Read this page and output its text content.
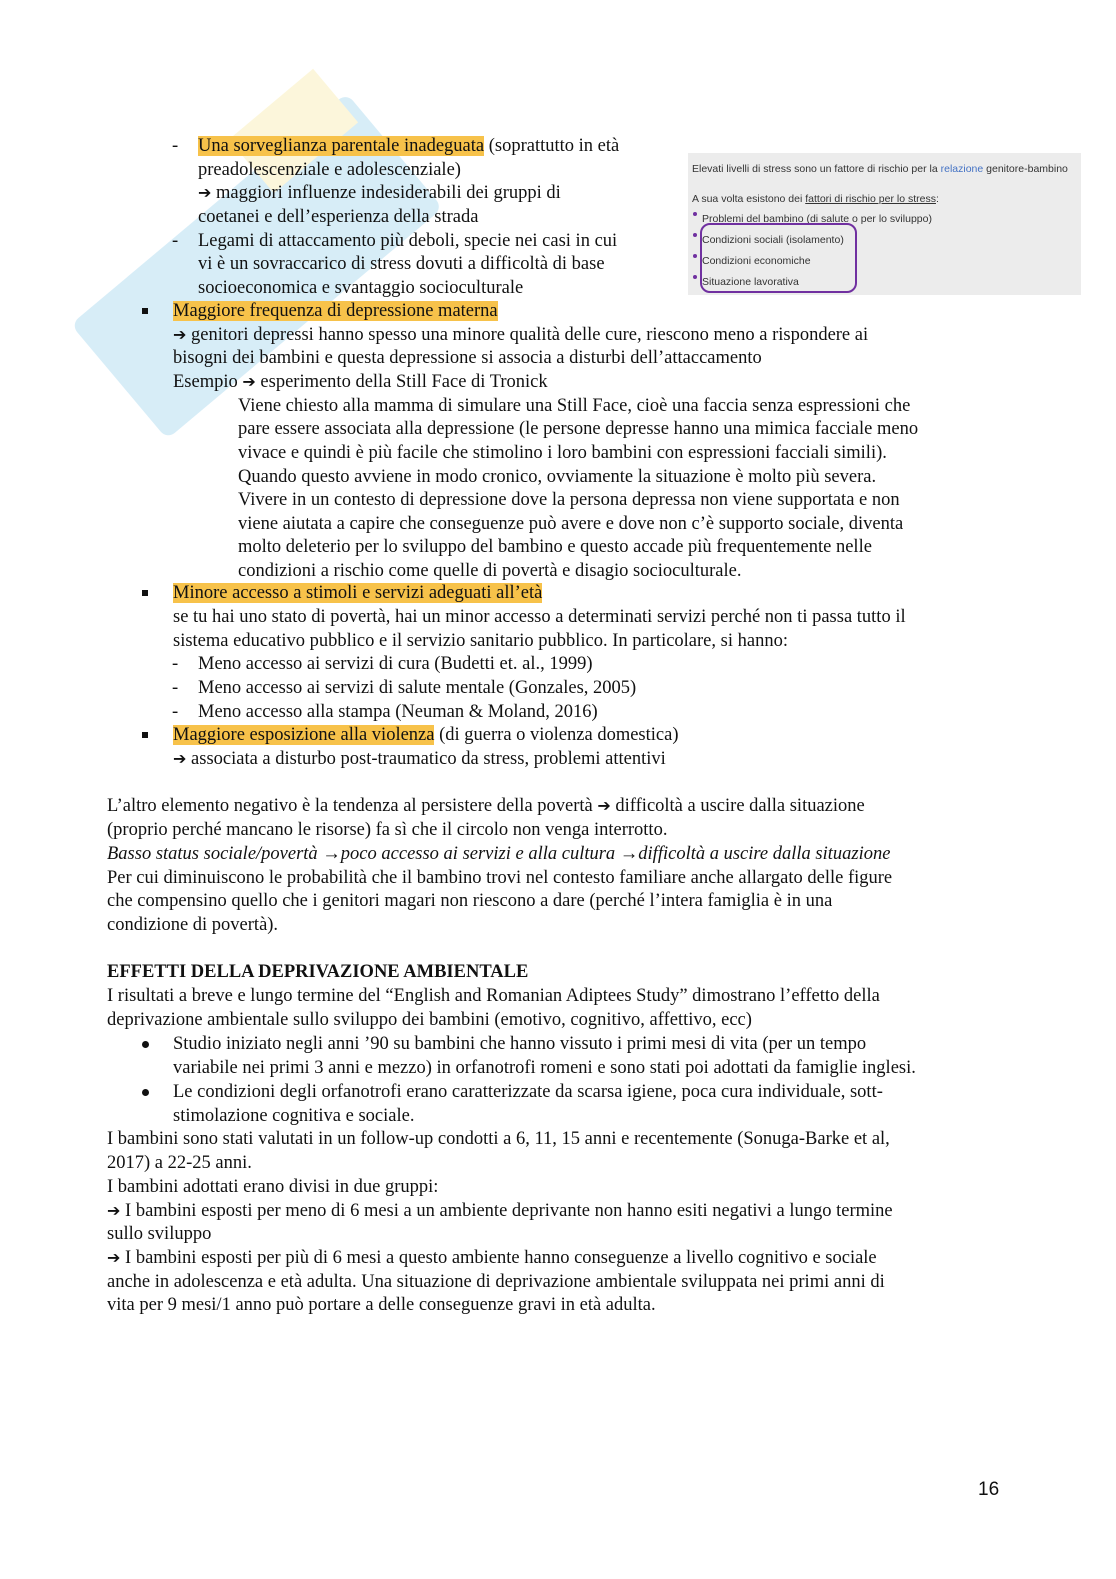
- Una sorveglianza parentale inadeguata (soprattutto in età
preadolescenziale e adolescenziale)
➔ maggiori influenze indesiderabili dei gruppi di
coetanei e dell’esperienza della strada
- Legami di attaccamento più deboli, specie nei casi in cui
vi è un sovraccarico di stress dovuti a difficoltà di base
socioeconomica e svantaggio socioculturale
Elevati livelli di stress sono un fattore di rischio per la relazione genitore-bambino
A sua volta esistono dei fattori di rischio per lo stress:
Problemi del bambino (di salute o per lo sviluppo)
Condizioni sociali (isolamento)
Condizioni economiche
Situazione lavorativa
Maggiore frequenza di depressione materna
➔ genitori depressi hanno spesso una minore qualità delle cure, riescono meno a rispondere ai
bisogni dei bambini e questa depressione si associa a disturbi dell’attaccamento
Esempio ➔ esperimento della Still Face di Tronick
Viene chiesto alla mamma di simulare una Still Face, cioè una faccia senza espressioni che
pare essere associata alla depressione (le persone depresse hanno una mimica facciale meno
vivace e quindi è più facile che stimolino i loro bambini con espressioni facciali simili).
Quando questo avviene in modo cronico, ovviamente la situazione è molto più severa.
Vivere in un contesto di depressione dove la persona depressa non viene supportata e non
viene aiutata a capire che conseguenze può avere e dove non c’è supporto sociale, diventa
molto deleterio per lo sviluppo del bambino e questo accade più frequentemente nelle
condizioni a rischio come quelle di povertà e disagio socioculturale.
Minore accesso a stimoli e servizi adeguati all’età
se tu hai uno stato di povertà, hai un minor accesso a determinati servizi perché non ti passa tutto il
sistema educativo pubblico e il servizio sanitario pubblico. In particolare, si hanno:
- Meno accesso ai servizi di cura (Budetti et. al., 1999)
- Meno accesso ai servizi di salute mentale (Gonzales, 2005)
- Meno accesso alla stampa (Neuman & Moland, 2016)
Maggiore esposizione alla violenza (di guerra o violenza domestica)
➔ associata a disturbo post-traumatico da stress, problemi attentivi
L’altro elemento negativo è la tendenza al persistere della povertà ➔ difficoltà a uscire dalla situazione
(proprio perché mancano le risorse) fa sì che il circolo non venga interrotto.
Basso status sociale/povertà →poco accesso ai servizi e alla cultura →difficoltà a uscire dalla situazione
Per cui diminuiscono le probabilità che il bambino trovi nel contesto familiare anche allargato delle figure
che compensino quello che i genitori magari non riescono a dare (perché l’intera famiglia è in una
condizione di povertà).
EFFETTI DELLA DEPRIVAZIONE AMBIENTALE
I risultati a breve e lungo termine del “English and Romanian Adiptees Study” dimostrano l’effetto della
deprivazione ambientale sullo sviluppo dei bambini (emotivo, cognitivo, affettivo, ecc)
Studio iniziato negli anni ’90 su bambini che hanno vissuto i primi mesi di vita (per un tempo
variabile nei primi 3 anni e mezzo) in orfanotrofi romeni e sono stati poi adottati da famiglie inglesi.
Le condizioni degli orfanotrofi erano caratterizzate da scarsa igiene, poca cura individuale, sott-
stimolazione cognitiva e sociale.
I bambini sono stati valutati in un follow-up condotti a 6, 11, 15 anni e recentemente (Sonuga-Barke et al,
2017) a 22-25 anni.
I bambini adottati erano divisi in due gruppi:
➔ I bambini esposti per meno di 6 mesi a un ambiente deprivante non hanno esiti negativi a lungo termine
sullo sviluppo
➔ I bambini esposti per più di 6 mesi a questo ambiente hanno conseguenze a livello cognitivo e sociale
anche in adolescenza e età adulta. Una situazione di deprivazione ambientale sviluppata nei primi anni di
vita per 9 mesi/1 anno può portare a delle conseguenze gravi in età adulta.
16
